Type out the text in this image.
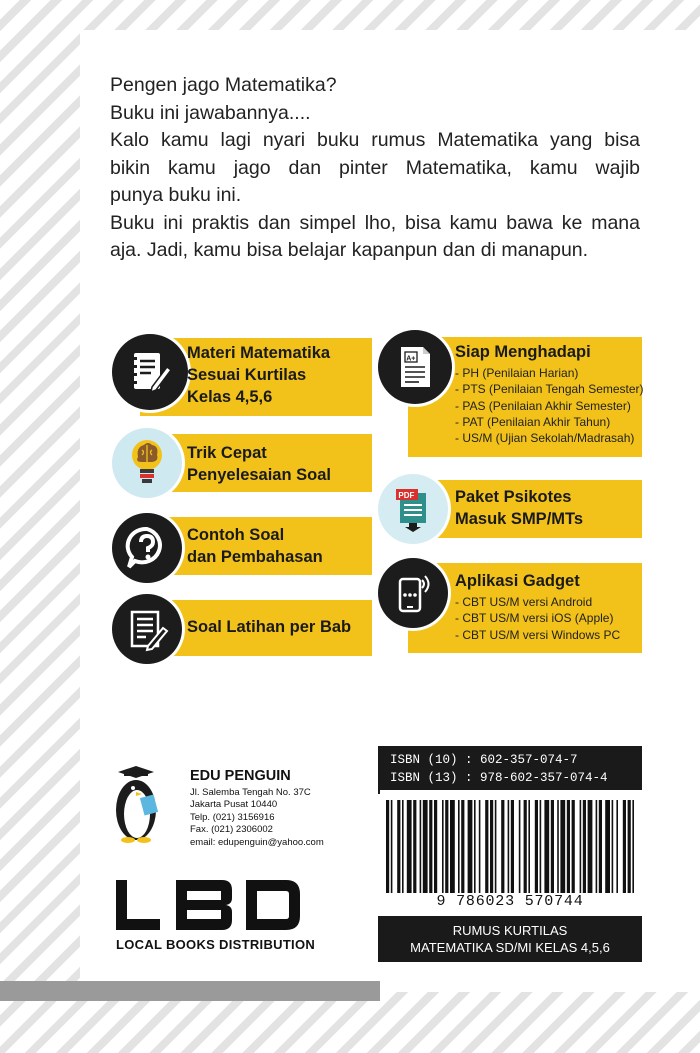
Pengen jago Matematika?

Buku ini jawabannya....

Kalo kamu lagi nyari buku rumus Matematika yang bisa

bikin kamu jago dan pinter Matematika, kamu wajib

punya buku ini.

Buku ini praktis dan simpel lho, bisa kamu bawa ke mana

aja. Jadi, kamu bisa belajar kapanpun dan di manapun.

Materi Matematika
Sesuai Kurtilas
Kelas 4,5,6
Trik Cepat
Penyelesaian Soal
Contoh Soal
dan Pembahasan
Soal Latihan per Bab
A+ Siap Menghadapi
- PH (Penilaian Harian)
- PTS (Penilaian Tengah Semester)
- PAS (Penilaian Akhir Semester)
- PAT (Penilaian Akhir Tahun)
- US/M (Ujian Sekolah/Madrasah)
PDF Paket Psikotes
Masuk SMP/MTs
Aplikasi Gadget
- CBT US/M versi Android
- CBT US/M versi iOS (Apple)
- CBT US/M versi Windows PC
EDU PENGUIN
Jl. Salemba Tengah No. 37C
Jakarta Pusat 10440
Telp. (021) 3156916
Fax. (021) 2306002
email: edupenguin@yahoo.com
LOCAL BOOKS DISTRIBUTION
ISBN (10) : 602-357-074-7
ISBN (13) : 978-602-357-074-4
9 786023 570744
RUMUS KURTILAS
MATEMATIKA SD/MI KELAS 4,5,6
